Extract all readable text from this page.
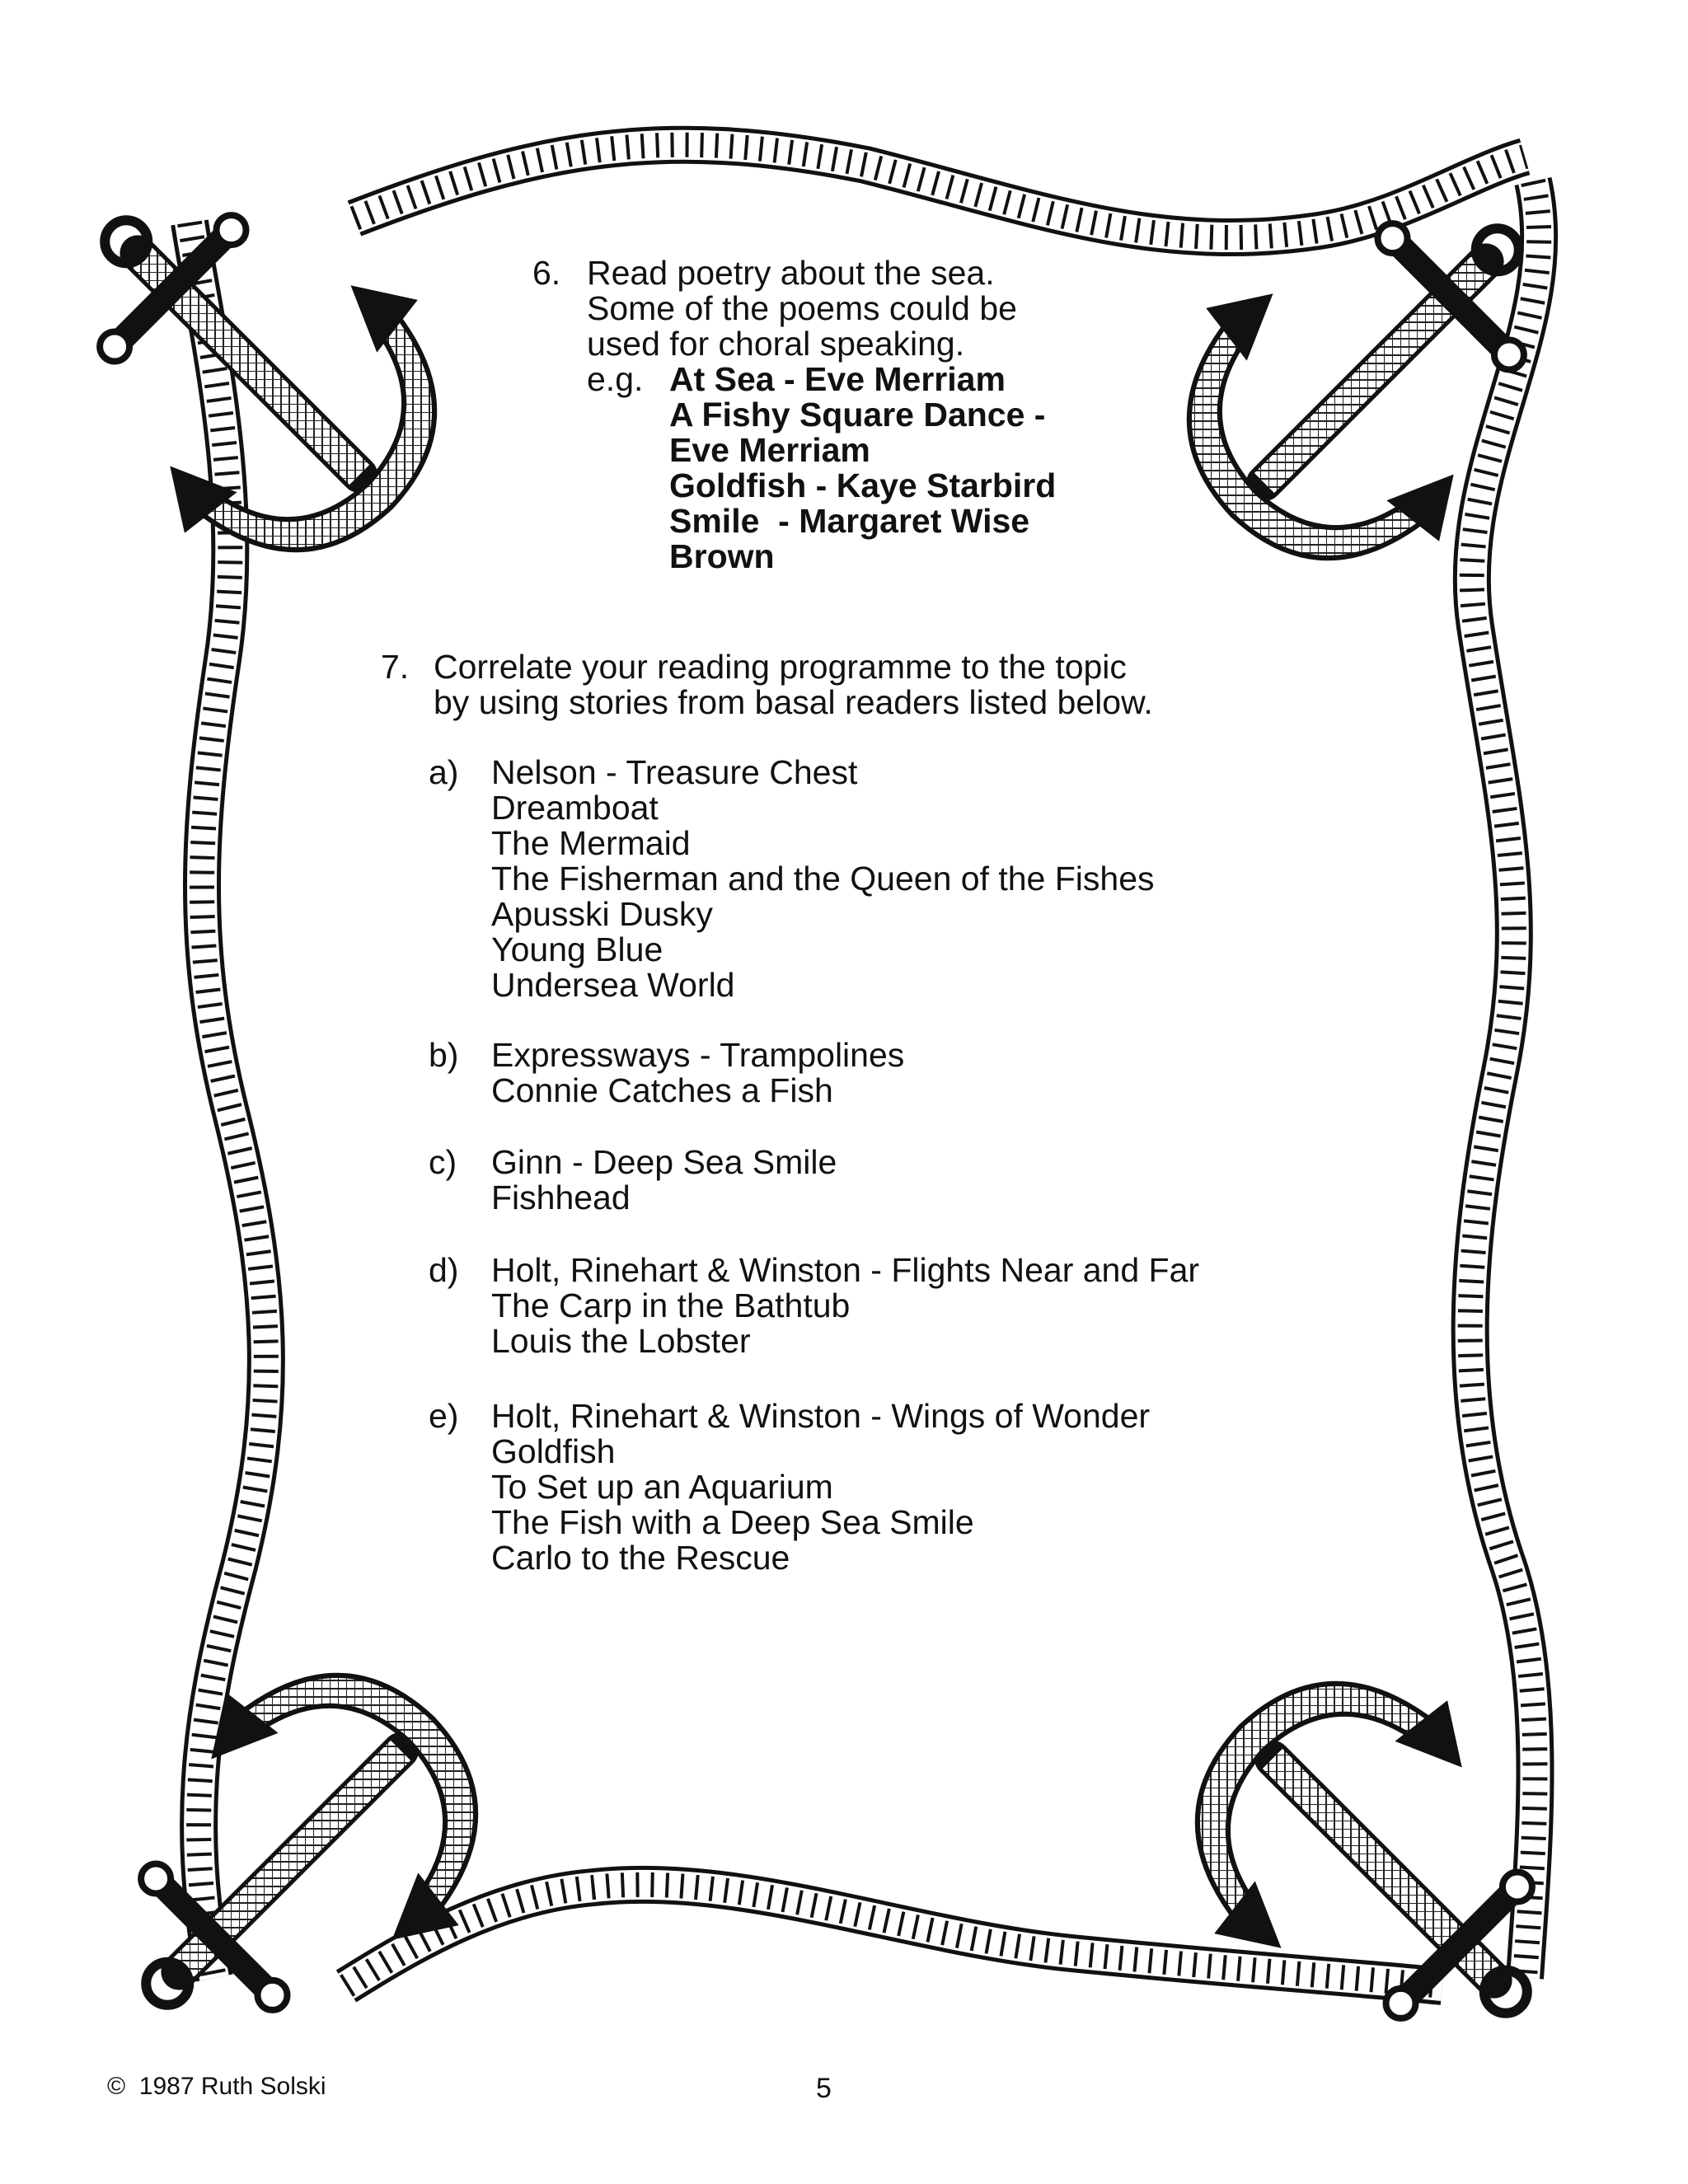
6. Read poetry about the sea.
Some of the poems could be
used for choral speaking.
e.g. At Sea - Eve Merriam
A Fishy Square Dance -
Eve Merriam
Goldfish - Kaye Starbird
Smile  - Margaret Wise
Brown
7. Correlate your reading programme to the topic
by using stories from basal readers listed below.
a) Nelson - Treasure Chest
Dreamboat
The Mermaid
The Fisherman and the Queen of the Fishes
Apusski Dusky
Young Blue
Undersea World
b) Expressways - Trampolines
Connie Catches a Fish
c) Ginn - Deep Sea Smile
Fishhead
d) Holt, Rinehart & Winston - Flights Near and Far
The Carp in the Bathtub
Louis the Lobster
e) Holt, Rinehart & Winston - Wings of Wonder
Goldfish
To Set up an Aquarium
The Fish with a Deep Sea Smile
Carlo to the Rescue
©  1987 Ruth Solski	5
